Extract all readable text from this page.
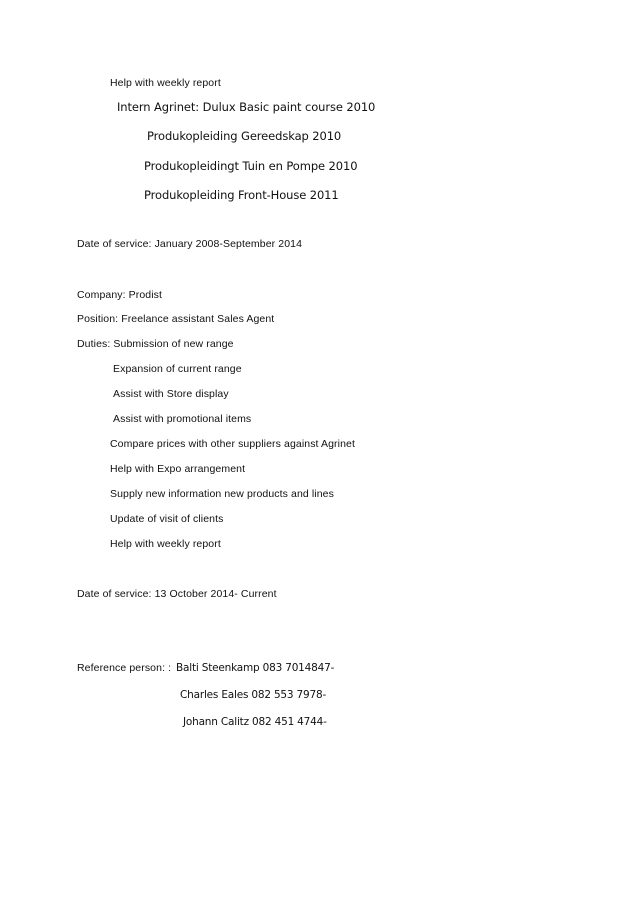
Help with weekly report
Intern Agrinet: Dulux Basic paint course 2010
Produkopleiding Gereedskap 2010
Produkopleidingt Tuin en Pompe 2010
Produkopleiding Front-House 2011
Date of service: January 2008-September 2014
Company: Prodist
Position: Freelance assistant Sales Agent
Duties: Submission of new range
Expansion of current range
Assist with Store display
Assist with promotional items
Compare prices with other suppliers against Agrinet
Help with Expo arrangement
Supply new information new products and lines
Update of visit of clients
Help with weekly report
Date of service: 13 October 2014- Current
Reference person: : Balti Steenkamp 083 7014847-
Charles Eales 082 553 7978-
Johann Calitz 082 451 4744-
